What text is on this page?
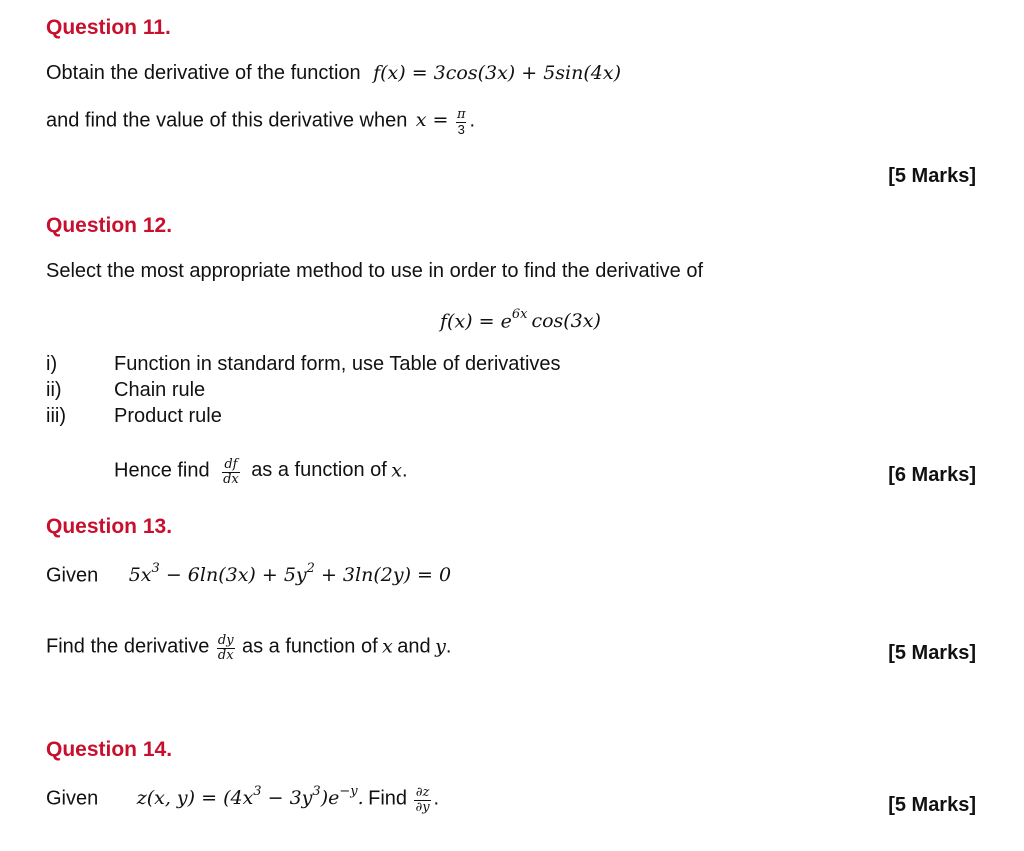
Question 11.
Obtain the derivative of the function f(x) = 3cos(3x) + 5sin(4x)
and find the value of this derivative when $x = \frac{\pi}{3}$ .
[5 Marks]
Question 12.
Select the most appropriate method to use in order to find the derivative of
$f(x) = e^{6x}$ cos(3x)
i)	Function in standard form, use Table of derivatives
ii)	Chain rule
iii) Product rule
Hence find $\frac{df}{dx}$ as a function of x.	[6 Marks]
Question 13.
Given $5x^3 - 6\ln(3x) + 5y^2 + 3\ln(2y) = 0$
Find the derivative $\frac{dy}{dx}$ as a function of x and y.	[5 Marks]
Question 14.
Given z(x, $y) = (4x^3 - 3y^3)e^{-y}$. Find $\frac{\partial z}{\partial y}$ .	[5 Marks]
